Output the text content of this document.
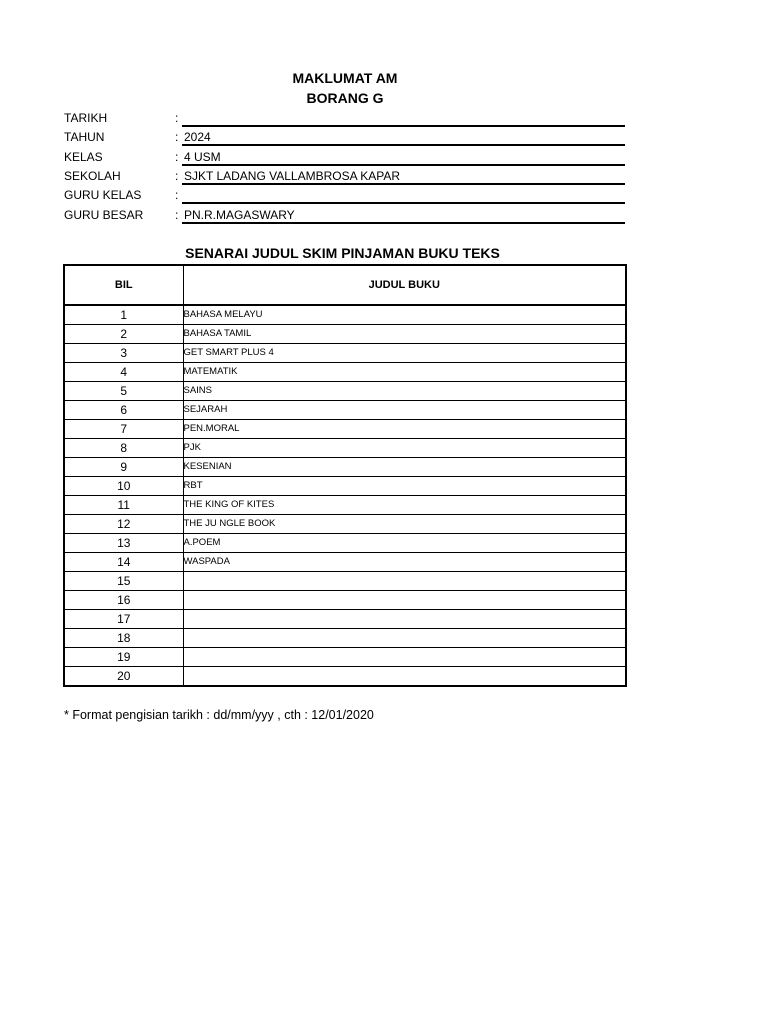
MAKLUMAT AM
BORANG G
TARIKH	:
TAHUN	: 2024
KELAS	: 4 USM
SEKOLAH	: SJKT LADANG VALLAMBROSA KAPAR
GURU KELAS	:
GURU BESAR	: PN.R.MAGASWARY
SENARAI JUDUL SKIM PINJAMAN BUKU TEKS
BIL	JUDUL BUKU
1	BAHASA MELAYU
2	BAHASA TAMIL
3	GET SMART PLUS 4
4	MATEMATIK
5	SAINS
6	SEJARAH
7	PEN.MORAL
8	PJK
9	KESENIAN
10	RBT
11	THE KING OF KITES
12	THE JU NGLE BOOK
13	A.POEM
14	WASPADA
15	
16	
17	
18	
19	
20	
* Format pengisian tarikh : dd/mm/yyy , cth : 12/01/2020
